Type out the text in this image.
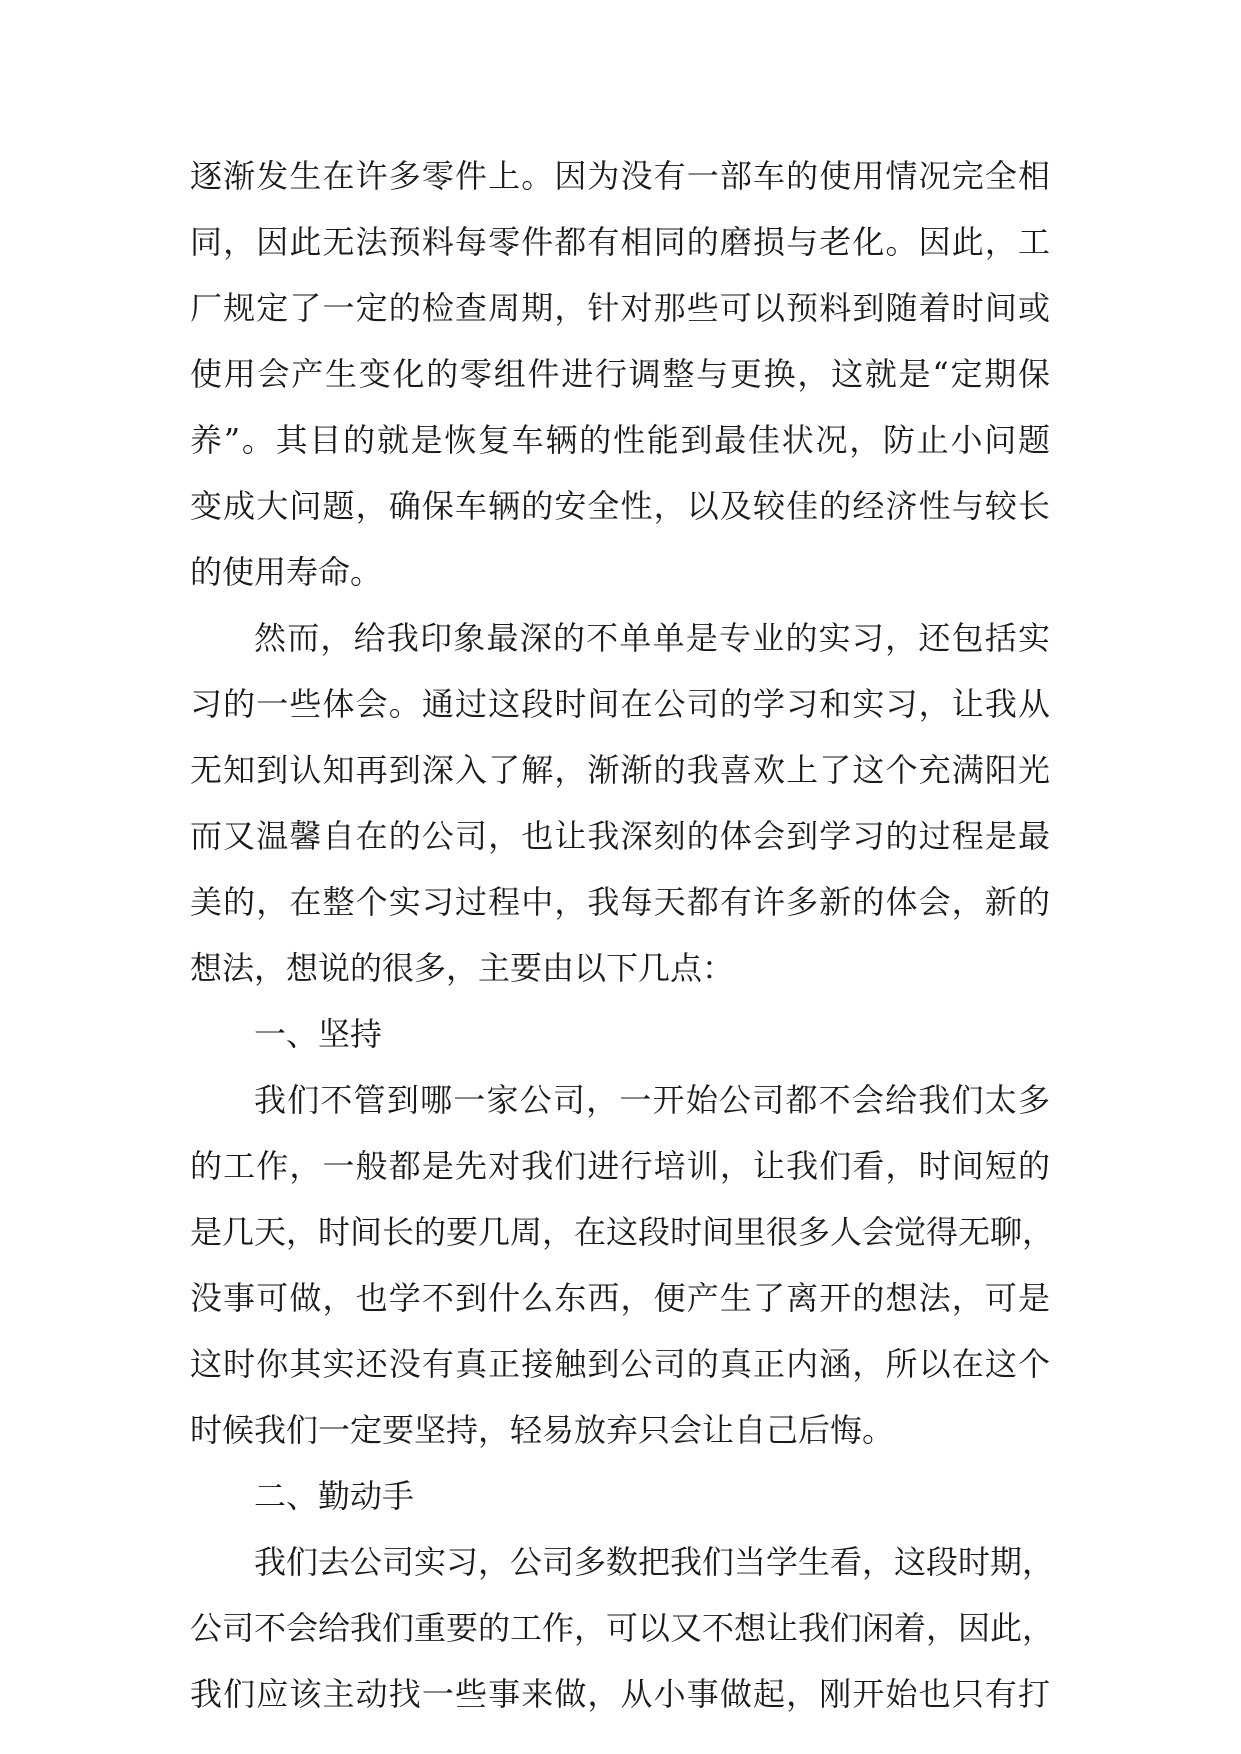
逐渐发生在许多零件上。因为没有一部车的使用情况完全相
同，因此无法预料每零件都有相同的磨损与老化。因此，工
厂规定了一定的检查周期，针对那些可以预料到随着时间或
使用会产生变化的零组件进行调整与更换，这就是“定期保
养”。其目的就是恢复车辆的性能到最佳状况，防止小问题
变成大问题，确保车辆的安全性，以及较佳的经济性与较长
的使用寿命。
然而，给我印象最深的不单单是专业的实习，还包括实
习的一些体会。通过这段时间在公司的学习和实习，让我从
无知到认知再到深入了解，渐渐的我喜欢上了这个充满阳光
而又温馨自在的公司，也让我深刻的体会到学习的过程是最
美的，在整个实习过程中，我每天都有许多新的体会，新的
想法，想说的很多，主要由以下几点：
一、坚持
我们不管到哪一家公司，一开始公司都不会给我们太多
的工作，一般都是先对我们进行培训，让我们看，时间短的
是几天，时间长的要几周，在这段时间里很多人会觉得无聊，
没事可做，也学不到什么东西，便产生了离开的想法，可是
这时你其实还没有真正接触到公司的真正内涵，所以在这个
时候我们一定要坚持，轻易放弃只会让自己后悔。
二、勤动手
我们去公司实习，公司多数把我们当学生看，这段时期，
公司不会给我们重要的工作，可以又不想让我们闲着，因此，
我们应该主动找一些事来做，从小事做起，刚开始也只有打
